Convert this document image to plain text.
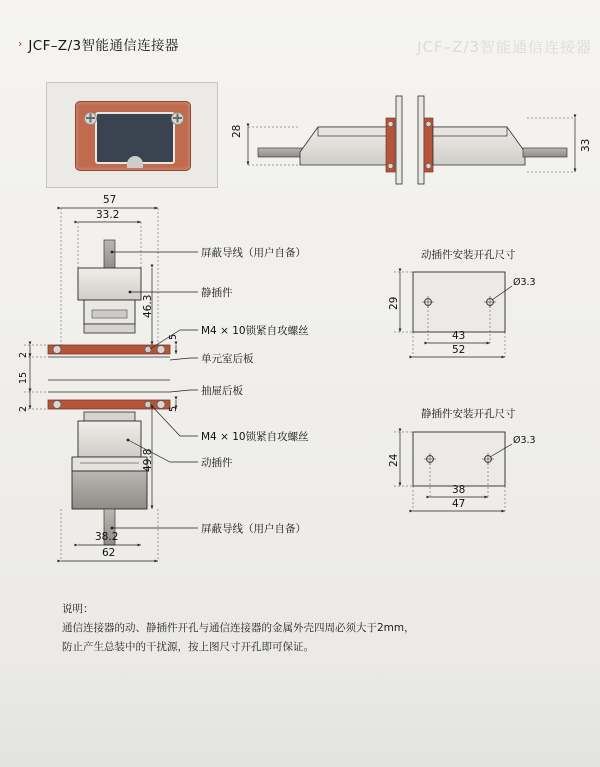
JCF–Z/3智能通信连接器
› JCF–Z/3智能通信连接器
28
33
57
33.2
46.3
5
2
15
2	5
49.8
38.2
62
屏蔽导线（用户自备）
静插件
M4 × 10锁紧自攻螺丝
单元室后板
抽屉后板
M4 × 10锁紧自攻螺丝
动插件
屏蔽导线（用户自备）
动插件安装开孔尺寸
Ø3.3
29
43
52
静插件安装开孔尺寸
Ø3.3
24
38
47
说明：
通信连接器的动、静插件开孔与通信连接器的金属外壳四周必须大于2mm，
防止产生总装中的干扰源，按上图尺寸开孔即可保证。
